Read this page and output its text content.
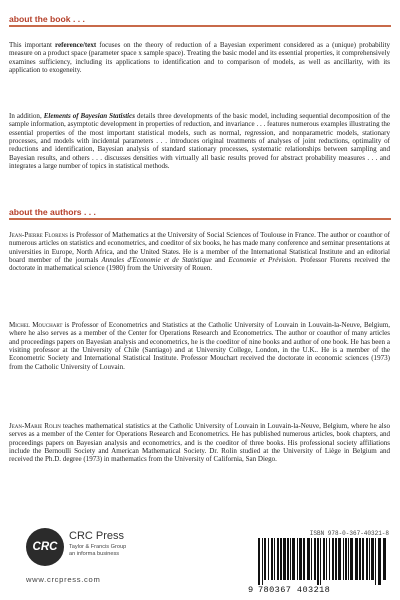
about the book . . .

This important reference/text focuses on the theory of reduction of a Bayesian experiment considered as a (unique) probability measure on a product space (parameter space x sample space). Treating the basic model and its essential properties, it comprehensively examines sufficiency, including its applications to identification and to comparison of models, as well as ancillarity, with its application to exogeneity.

In addition, Elements of Bayesian Statistics details three developments of the basic model, including sequential decomposition of the sample information, asymptotic development in properties of reduction, and invariance . . . features numerous examples illustrating the essential properties of the most important statistical models, such as normal, regression, and nonparametric models, stationary processes, and models with incidental parameters . . . introduces original treatments of analyses of joint reductions, optimality of reductions and identification, Bayesian analysis of standard stationary processes, systematic relationships between sampling and Bayesian results, and others . . . discusses densities with virtually all basic results proved for abstract probability measures . . . and integrates a large number of topics in statistical methods.

about the authors . . .

Jean-Pierre Florens is Professor of Mathematics at the University of Social Sciences of Toulouse in France. The author or coauthor of numerous articles on statistics and econometrics, and coeditor of six books, he has made many conference and seminar presentations at universities in Europe, North Africa, and the United States. He is a member of the International Statistical Institute and an editorial board member of the journals Annales d'Economie et de Statistique and Economie et Prévision. Professor Florens received the doctorate in mathematical science (1980) from the University of Rouen.

Michel Mouchart is Professor of Econometrics and Statistics at the Catholic University of Louvain in Louvain-la-Neuve, Belgium, where he also serves as a member of the Center for Operations Research and Econometrics. The author or coauthor of many articles and proceedings papers on Bayesian analysis and econometrics, he is the coeditor of nine books and author of one book. He has been a visiting professor at the University of Chile (Santiago) and at University College, London, in the U.K.. He is a member of the Econometric Society and International Statistical Institute. Professor Mouchart received the doctorate in economic sciences (1973) from the Catholic University of Louvain.

Jean-Marie Rolin teaches mathematical statistics at the Catholic University of Louvain in Louvain-la-Neuve, Belgium, where he also serves as a member of the Center for Operations Research and Econometrics. He has published numerous articles, book chapters, and proceedings papers on Bayesian analysis and econometrics, and is the coeditor of three books. His professional society affiliations include the Bernoulli Society and American Mathematical Society. Dr. Rolin studied at the University of Liège in Belgium and received the Ph.D. degree (1973) in mathematics from the University of California, San Diego.

CRC
CRC Press
Taylor & Francis Group
an informa business
www.crcpress.com
ISBN 978-0-367-40321-8
9 780367 403218
